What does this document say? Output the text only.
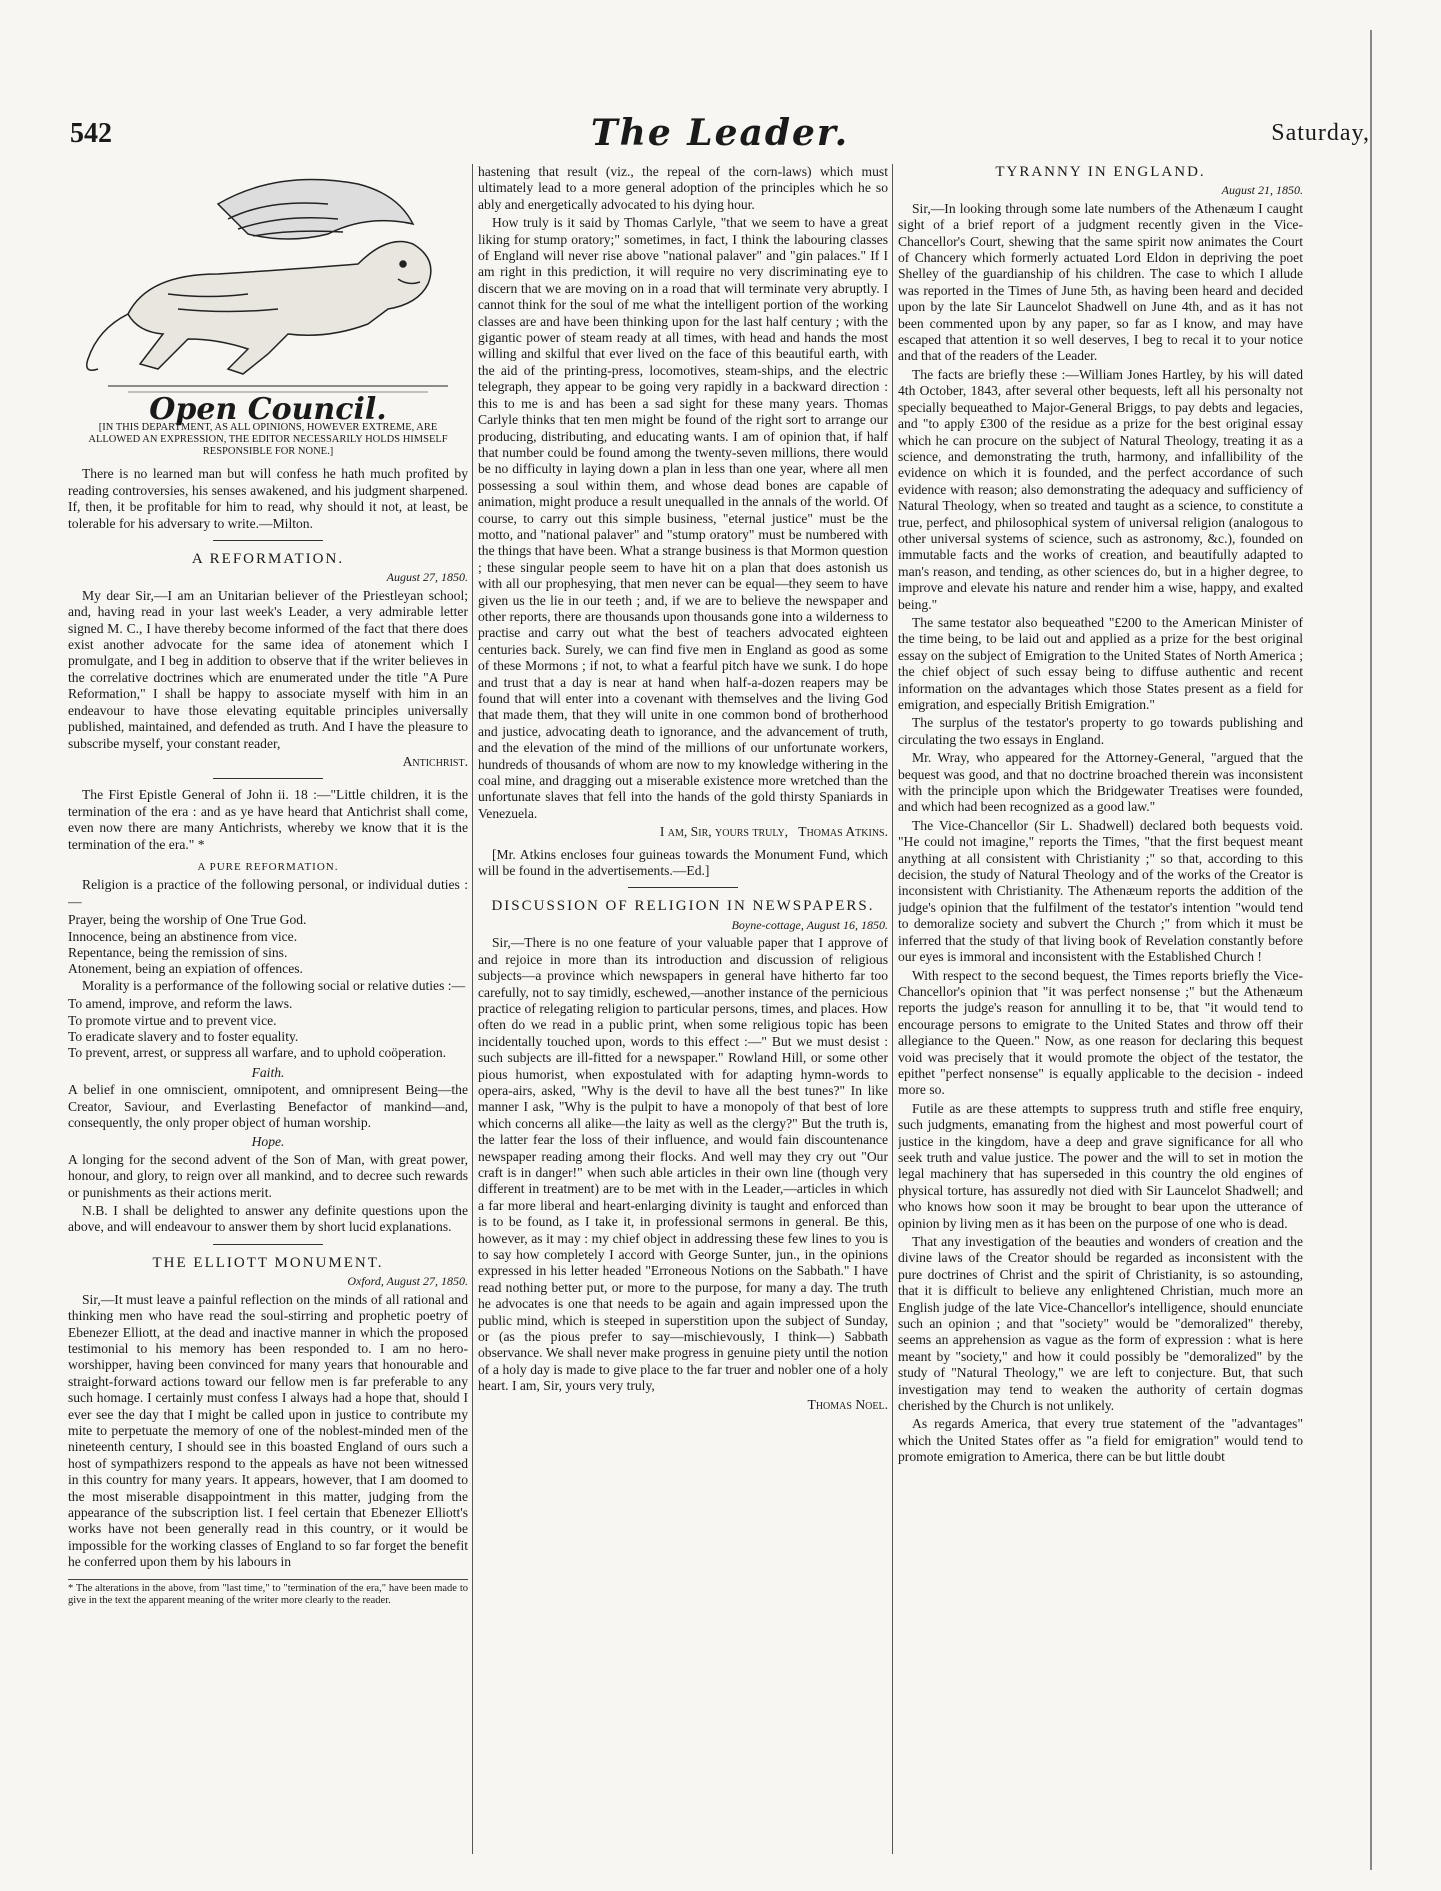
542	The Leader.	Saturday,
Open Council.
[IN THIS DEPARTMENT, AS ALL OPINIONS, HOWEVER EXTREME, ARE ALLOWED AN EXPRESSION, THE EDITOR NECESSARILY HOLDS HIMSELF RESPONSIBLE FOR NONE.]

There is no learned man but will confess he hath much profited by reading controversies, his senses awakened, and his judgment sharpened. If, then, it be profitable for him to read, why should it not, at least, be tolerable for his adversary to write.—Milton.

A REFORMATION.
August 27, 1850.

My dear Sir,—I am an Unitarian believer of the Priestleyan school; and, having read in your last week's Leader, a very admirable letter signed M. C., I have thereby become informed of the fact that there does exist another advocate for the same idea of atonement which I promulgate, and I beg in addition to observe that if the writer believes in the correlative doctrines which are enumerated under the title "A Pure Reformation," I shall be happy to associate myself with him in an endeavour to have those elevating equitable principles universally published, maintained, and defended as truth. And I have the pleasure to subscribe myself, your constant reader,

Antichrist.

The First Epistle General of John ii. 18 :—"Little children, it is the termination of the era : and as ye have heard that Antichrist shall come, even now there are many Antichrists, whereby we know that it is the termination of the era." *

A PURE REFORMATION.

Religion is a practice of the following personal, or individual duties :—

Prayer, being the worship of One True God.

Innocence, being an abstinence from vice.

Repentance, being the remission of sins.

Atonement, being an expiation of offences.

Morality is a performance of the following social or relative duties :—

To amend, improve, and reform the laws.

To promote virtue and to prevent vice.

To eradicate slavery and to foster equality.

To prevent, arrest, or suppress all warfare, and to uphold coöperation.

Faith.

A belief in one omniscient, omnipotent, and omnipresent Being—the Creator, Saviour, and Everlasting Benefactor of mankind—and, consequently, the only proper object of human worship.

Hope.

A longing for the second advent of the Son of Man, with great power, honour, and glory, to reign over all mankind, and to decree such rewards or punishments as their actions merit.

N.B. I shall be delighted to answer any definite questions upon the above, and will endeavour to answer them by short lucid explanations.

THE ELLIOTT MONUMENT.
Oxford, August 27, 1850.

Sir,—It must leave a painful reflection on the minds of all rational and thinking men who have read the soul-stirring and prophetic poetry of Ebenezer Elliott, at the dead and inactive manner in which the proposed testimonial to his memory has been responded to. I am no hero-worshipper, having been convinced for many years that honourable and straight-forward actions toward our fellow men is far preferable to any such homage. I certainly must confess I always had a hope that, should I ever see the day that I might be called upon in justice to contribute my mite to perpetuate the memory of one of the noblest-minded men of the nineteenth century, I should see in this boasted England of ours such a host of sympathizers respond to the appeals as have not been witnessed in this country for many years. It appears, however, that I am doomed to the most miserable disappointment in this matter, judging from the appearance of the subscription list. I feel certain that Ebenezer Elliott's works have not been generally read in this country, or it would be impossible for the working classes of England to so far forget the benefit he conferred upon them by his labours in

* The alterations in the above, from "last time," to "termination of the era," have been made to give in the text the apparent meaning of the writer more clearly to the reader.

hastening that result (viz., the repeal of the corn-laws) which must ultimately lead to a more general adoption of the principles which he so ably and energetically advocated to his dying hour.

How truly is it said by Thomas Carlyle, "that we seem to have a great liking for stump oratory;" sometimes, in fact, I think the labouring classes of England will never rise above "national palaver" and "gin palaces." If I am right in this prediction, it will require no very discriminating eye to discern that we are moving on in a road that will terminate very abruptly. I cannot think for the soul of me what the intelligent portion of the working classes are and have been thinking upon for the last half century ; with the gigantic power of steam ready at all times, with head and hands the most willing and skilful that ever lived on the face of this beautiful earth, with the aid of the printing-press, locomotives, steam-ships, and the electric telegraph, they appear to be going very rapidly in a backward direction : this to me is and has been a sad sight for these many years. Thomas Carlyle thinks that ten men might be found of the right sort to arrange our producing, distributing, and educating wants. I am of opinion that, if half that number could be found among the twenty-seven millions, there would be no difficulty in laying down a plan in less than one year, where all men possessing a soul within them, and whose dead bones are capable of animation, might produce a result unequalled in the annals of the world. Of course, to carry out this simple business, "eternal justice" must be the motto, and "national palaver" and "stump oratory" must be numbered with the things that have been. What a strange business is that Mormon question ; these singular people seem to have hit on a plan that does astonish us with all our prophesying, that men never can be equal—they seem to have given us the lie in our teeth ; and, if we are to believe the newspaper and other reports, there are thousands upon thousands gone into a wilderness to practise and carry out what the best of teachers advocated eighteen centuries back. Surely, we can find five men in England as good as some of these Mormons ; if not, to what a fearful pitch have we sunk. I do hope and trust that a day is near at hand when half-a-dozen reapers may be found that will enter into a covenant with themselves and the living God that made them, that they will unite in one common bond of brotherhood and justice, advocating death to ignorance, and the advancement of truth, and the elevation of the mind of the millions of our unfortunate workers, hundreds of thousands of whom are now to my knowledge withering in the coal mine, and dragging out a miserable existence more wretched than the unfortunate slaves that fell into the hands of the gold thirsty Spaniards in Venezuela.

I am, Sir, yours truly, Thomas Atkins.

[Mr. Atkins encloses four guineas towards the Monument Fund, which will be found in the advertisements.—Ed.]

DISCUSSION OF RELIGION IN NEWSPAPERS.
Boyne-cottage, August 16, 1850.

Sir,—There is no one feature of your valuable paper that I approve of and rejoice in more than its introduction and discussion of religious subjects—a province which newspapers in general have hitherto far too carefully, not to say timidly, eschewed,—another instance of the pernicious practice of relegating religion to particular persons, times, and places. How often do we read in a public print, when some religious topic has been incidentally touched upon, words to this effect :—" But we must desist : such subjects are ill-fitted for a newspaper." Rowland Hill, or some other pious humorist, when expostulated with for adapting hymn-words to opera-airs, asked, "Why is the devil to have all the best tunes?" In like manner I ask, "Why is the pulpit to have a monopoly of that best of lore which concerns all alike—the laity as well as the clergy?" But the truth is, the latter fear the loss of their influence, and would fain discountenance newspaper reading among their flocks. And well may they cry out "Our craft is in danger!" when such able articles in their own line (though very different in treatment) are to be met with in the Leader,—articles in which a far more liberal and heart-enlarging divinity is taught and enforced than is to be found, as I take it, in professional sermons in general. Be this, however, as it may : my chief object in addressing these few lines to you is to say how completely I accord with George Sunter, jun., in the opinions expressed in his letter headed "Erroneous Notions on the Sabbath." I have read nothing better put, or more to the purpose, for many a day. The truth he advocates is one that needs to be again and again impressed upon the public mind, which is steeped in superstition upon the subject of Sunday, or (as the pious prefer to say—mischievously, I think—) Sabbath observance. We shall never make progress in genuine piety until the notion of a holy day is made to give place to the far truer and nobler one of a holy heart. I am, Sir, yours very truly,

Thomas Noel.
TYRANNY IN ENGLAND.
August 21, 1850.

Sir,—In looking through some late numbers of the Athenæum I caught sight of a brief report of a judgment recently given in the Vice-Chancellor's Court, shewing that the same spirit now animates the Court of Chancery which formerly actuated Lord Eldon in depriving the poet Shelley of the guardianship of his children. The case to which I allude was reported in the Times of June 5th, as having been heard and decided upon by the late Sir Launcelot Shadwell on June 4th, and as it has not been commented upon by any paper, so far as I know, and may have escaped that attention it so well deserves, I beg to recal it to your notice and that of the readers of the Leader.

The facts are briefly these :—William Jones Hartley, by his will dated 4th October, 1843, after several other bequests, left all his personalty not specially bequeathed to Major-General Briggs, to pay debts and legacies, and "to apply £300 of the residue as a prize for the best original essay which he can procure on the subject of Natural Theology, treating it as a science, and demonstrating the truth, harmony, and infallibility of the evidence on which it is founded, and the perfect accordance of such evidence with reason; also demonstrating the adequacy and sufficiency of Natural Theology, when so treated and taught as a science, to constitute a true, perfect, and philosophical system of universal religion (analogous to other universal systems of science, such as astronomy, &c.), founded on immutable facts and the works of creation, and beautifully adapted to man's reason, and tending, as other sciences do, but in a higher degree, to improve and elevate his nature and render him a wise, happy, and exalted being."

The same testator also bequeathed "£200 to the American Minister of the time being, to be laid out and applied as a prize for the best original essay on the subject of Emigration to the United States of North America ; the chief object of such essay being to diffuse authentic and recent information on the advantages which those States present as a field for emigration, and especially British Emigration."

The surplus of the testator's property to go towards publishing and circulating the two essays in England.

Mr. Wray, who appeared for the Attorney-General, "argued that the bequest was good, and that no doctrine broached therein was inconsistent with the principle upon which the Bridgewater Treatises were founded, and which had been recognized as a good law."

The Vice-Chancellor (Sir L. Shadwell) declared both bequests void. "He could not imagine," reports the Times, "that the first bequest meant anything at all consistent with Christianity ;" so that, according to this decision, the study of Natural Theology and of the works of the Creator is inconsistent with Christianity. The Athenæum reports the addition of the judge's opinion that the fulfilment of the testator's intention "would tend to demoralize society and subvert the Church ;" from which it must be inferred that the study of that living book of Revelation constantly before our eyes is immoral and inconsistent with the Established Church !

With respect to the second bequest, the Times reports briefly the Vice-Chancellor's opinion that "it was perfect nonsense ;" but the Athenæum reports the judge's reason for annulling it to be, that "it would tend to encourage persons to emigrate to the United States and throw off their allegiance to the Queen." Now, as one reason for declaring this bequest void was precisely that it would promote the object of the testator, the epithet "perfect nonsense" is equally applicable to the decision - indeed more so.

Futile as are these attempts to suppress truth and stifle free enquiry, such judgments, emanating from the highest and most powerful court of justice in the kingdom, have a deep and grave significance for all who seek truth and value justice. The power and the will to set in motion the legal machinery that has superseded in this country the old engines of physical torture, has assuredly not died with Sir Launcelot Shadwell; and who knows how soon it may be brought to bear upon the utterance of opinion by living men as it has been on the purpose of one who is dead.

That any investigation of the beauties and wonders of creation and the divine laws of the Creator should be regarded as inconsistent with the pure doctrines of Christ and the spirit of Christianity, is so astounding, that it is difficult to believe any enlightened Christian, much more an English judge of the late Vice-Chancellor's intelligence, should enunciate such an opinion ; and that "society" would be "demoralized" thereby, seems an apprehension as vague as the form of expression : what is here meant by "society," and how it could possibly be "demoralized" by the study of "Natural Theology," we are left to conjecture. But, that such investigation may tend to weaken the authority of certain dogmas cherished by the Church is not unlikely.

As regards America, that every true statement of the "advantages" which the United States offer as "a field for emigration" would tend to promote emigration to America, there can be but little doubt
